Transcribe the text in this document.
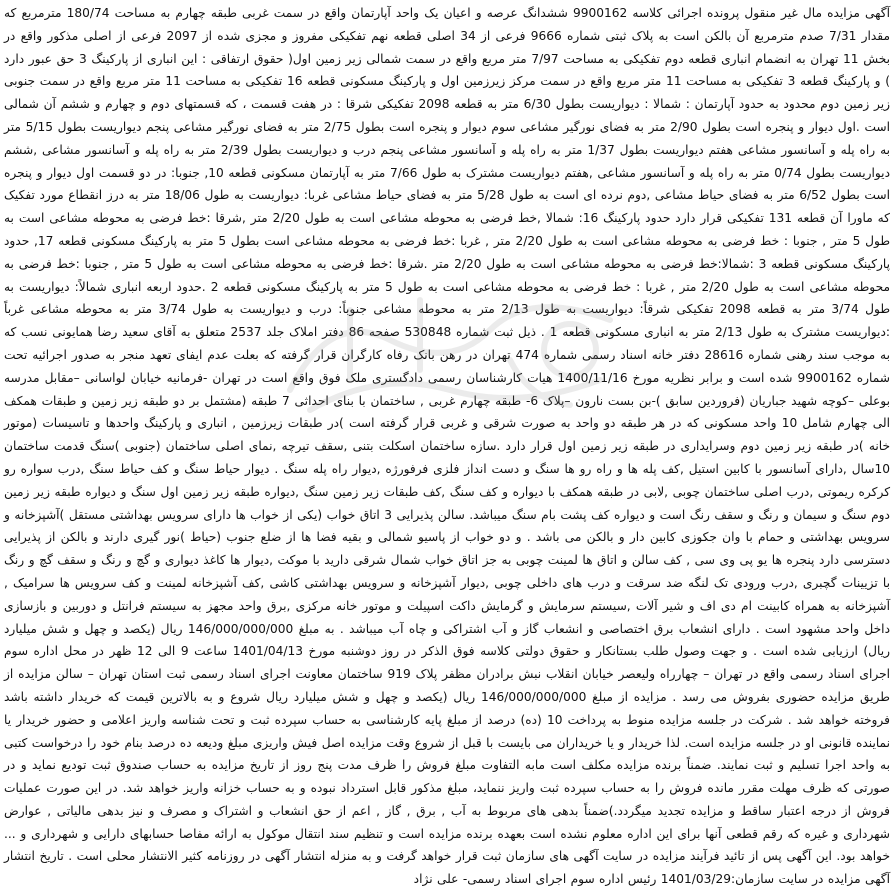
آگهی مزایده مال غیر منقول پرونده اجرائی کلاسه 9900162 ششدانگ عرصه و اعیان یک واحد آپارتمان واقع در سمت غربی طبقه چهارم به مساحت 180/74 مترمربع که مقدار 7/31 صدم مترمربع آن بالکن است به پلاک ثبتی شماره 9666 فرعی از 34 اصلی قطعه نهم تفکیکی مفروز و مجزی شده از 2097 فرعی از اصلی مذکور واقع در بخش 11 تهران به انضمام انباری قطعه دوم تفکیکی به مساحت 7/97 متر مربع واقع در سمت شمالی زیر زمین اول( حقوق ارتفاقی : این انباری از پارکینگ 3 حق عبور دارد ) و پارکینگ قطعه 3 تفکیکی به مساحت 11 متر مربع واقع در سمت مرکز زیرزمین اول و پارکینگ مسکونی قطعه 16 تفکیکی به مساحت 11 متر مربع واقع در سمت جنوبی زیر زمین دوم محدود به حدود آپارتمان : شمالا : دیواریست بطول 6/30 متر به قطعه 2098 تفکیکی شرقا : در هفت قسمت ، که قسمتهای دوم و چهارم و ششم آن شمالی است .اول دیوار و پنجره است بطول 2/90 متر به فضای نورگیر مشاعی سوم دیوار و پنجره است بطول 2/75 متر به فضای نورگیر مشاعی پنجم دیواریست بطول 5/15 متر به راه پله و آسانسور مشاعی هفتم دیواریست بطول 1/37 متر به راه پله و آسانسور مشاعی پنجم درب و دیواریست بطول 2/39 متر به راه پله و آسانسور مشاعی ,ششم دیواریست بطول 0/74 متر به راه پله و آسانسور مشاعی ,هفتم دیواریست مشترک به طول 7/66 متر به آپارتمان مسکونی قطعه 10, جنوبا: در دو قسمت اول دیوار و پنجره است بطول 6/52 متر به فضای حیاط مشاعی ,دوم نرده ای است به طول 5/28 متر به فضای حیاط مشاعی غربا: دیواریست به طول 18/06 متر به درز انقطاع مورد تفکیک که ماورا آن قطعه 131 تفکیکی قرار دارد حدود پارکینگ 16: شمالا ,خط فرضی به محوطه مشاعی است به طول 2/20 متر ,شرقا :خط فرضی به محوطه مشاعی است به طول 5 متر , جنوبا : خط فرضی به محوطه مشاعی است به طول 2/20 متر , غربا :خط فرضی به محوطه مشاعی است بطول 5 متر به پارکینگ مسکونی قطعه 17, حدود پارکینگ مسکونی قطعه 3 :شمالا:خط فرضی به محوطه مشاعی است به طول 2/20 متر .شرقا :خط فرضی به محوطه مشاعی است به طول 5 متر , جنوبا :خط فرضی به محوطه مشاعی است به طول 2/20 متر , غربا : خط فرضی به محوطه مشاعی است به طول 5 متر به پارکینگ مسکونی قطعه 2 .حدود اربعه انباری شمالاً: دیواریست به طول 3/74 متر به قطعه 2098 تفکیکی شرقاً: دیواریست به طول 2/13 متر به محوطه مشاعی جنوباً: درب و دیواریست به طول 3/74 متر به محوطه مشاعی غرباً :دیواریست مشترک به طول 2/13 متر به انباری مسکونی قطعه 1 . ذیل ثبت شماره 530848 صفحه 86 دفتر املاک جلد 2537 متعلق به آقای سعید رضا همایونی نسب که به موجب سند رهنی شماره 28616 دفتر خانه اسناد رسمی شماره 474 تهران در رهن بانک رفاه کارگران قرار گرفته که بعلت عدم ایفای تعهد منجر به صدور اجرائیه تحت شماره 9900162 شده است و برابر نظریه مورخ 1400/11/16 هیات کارشناسان رسمی دادگستری ملک فوق واقع است در تهران -فرمانیه خیابان لواسانی –مقابل مدرسه بوعلی –کوچه شهید جباریان (فروردین سابق )-بن بست نارون –پلاک 6- طبقه چهارم غربی , ساختمان با بنای احداثی 7 طبقه (مشتمل بر دو طبقه زیر زمین و طبقات همکف الی چهارم شامل 10 واحد مسکونی که در هر طبقه دو واحد به صورت شرقی و غربی قرار گرفته است )در طبقات زیرزمین , انباری و پارکینگ واحدها و تاسیسات (موتور خانه )در طبقه زیر زمین دوم وسرایداری در طبقه زیر زمین اول قرار دارد .سازه ساختمان اسکلت بتنی ,سقف تیرچه ,نمای اصلی ساختمان (جنوبی )سنگ قدمت ساختمان 10سال ,دارای آسانسور با کابین استیل ,کف پله ها و راه رو ها سنگ و دست انداز فلزی فرفورژه ,دیوار راه پله سنگ . دیوار حیاط سنگ و کف حیاط سنگ ,درب سواره رو کرکره ریموتی ,درب اصلی ساختمان چوبی ,لابی در طبقه همکف با دیواره و کف سنگ ,کف طبقات زیر زمین سنگ ,دیواره طبقه زیر زمین اول سنگ و دیواره طبقه زیر زمین دوم سنگ و سیمان و رنگ و سقف رنگ است و دیواره کف پشت بام سنگ میباشد. سالن پذیرایی 3 اتاق خواب (یکی از خواب ها دارای سرویس بهداشتی مستقل )آشپزخانه و سرویس بهداشتی و حمام با وان جکوزی کابین دار و بالکن می باشد . و دو خواب از پاسیو شمالی و بقیه فضا ها از ضلع جنوب (حیاط )نور گیری دارند و بالکن از پذیرایی دسترسی دارد پنجره ها یو پی وی سی , کف سالن و اتاق ها لمینت چوبی به جز اتاق خواب شمال شرقی دارید با موکت ,دیوار ها کاغذ دیواری و گچ و رنگ و سقف گچ و رنگ با تزیینات گچبری ,درب ورودی تک لنگه ضد سرقت و درب های داخلی چوبی ,دیوار آشپزخانه و سرویس بهداشتی کاشی ,کف آشپزخانه لمینت و کف سرویس ها سرامیک , آشپزخانه به همراه کابینت ام دی اف و شیر آلات ,سیستم سرمایش و گرمایش داکت اسپیلت و موتور خانه مرکزی ,برق واحد مجهز به سیستم فرانتل و دوربین و بازسازی داخل واحد مشهود است . دارای انشعاب برق اختصاصی و انشعاب گاز و آب اشتراکی و چاه آب میباشد . به مبلغ 146/000/000/000 ریال (یکصد و چهل و شش میلیارد ریال) ارزیابی شده است . و جهت وصول طلب بستانکار و حقوق دولتی کلاسه فوق الذکر در روز دوشنبه مورخ 1401/04/13 ساعت 9 الی 12 ظهر در محل اداره سوم اجرای اسناد رسمی واقع در تهران – چهارراه ولیعصر خیابان انقلاب نبش برادران مظفر پلاک 919 ساختمان معاونت اجرای اسناد رسمی ثبت استان تهران – سالن مزایده از طریق مزایده حضوری بفروش می رسد . مزایده از مبلغ 146/000/000/000 ریال (یکصد و چهل و شش میلیارد ریال شروع و به بالاترین قیمت که خریدار داشته باشد فروخته خواهد شد . شرکت در جلسه مزایده منوط به پرداخت 10 (ده) درصد از مبلغ پایه کارشناسی به حساب سپرده ثبت و تحت شناسه واریز اعلامی و حضور خریدار یا نماینده قانونی او در جلسه مزایده است. لذا خریدار و یا خریداران می بایست با قبل از شروع وقت مزایده اصل فیش واریزی مبلغ ودیعه ده درصد بنام خود را درخواست کتبی به واحد اجرا تسلیم و ثبت نمایند. ضمناً برنده مزایده مکلف است مابه التفاوت مبلغ فروش را ظرف مدت پنج روز از تاریخ مزایده به حساب صندوق ثبت تودیع نماید و در صورتی که ظرف مهلت مقرر مانده فروش را به حساب سپرده ثبت واریز ننماید، مبلغ مذکور قابل استرداد نبوده و به حساب خزانه واریز خواهد شد. در این صورت عملیات فروش از درجه اعتبار ساقط و مزایده تجدید میگردد.)ضمناً بدهی های مربوط به آب , برق , گاز , اعم از حق انشعاب و اشتراک و مصرف و نیز بدهی مالیاتی , عوارض شهرداری و غیره که رقم قطعی آنها برای این اداره معلوم نشده است بعهده برنده مزایده است و تنظیم سند انتقال موکول به ارائه مفاصا حسابهای دارایی و شهرداری و ... خواهد بود. این آگهی پس از تائید فرآیند مزایده در سایت آگهی های سازمان ثبت قرار خواهد گرفت و به منزله انتشار آگهی در روزنامه کثیر الانتشار محلی است . تاریخ انتشار آگهی مزایده در سایت سازمان:1401/03/29 رئیس اداره سوم اجرای اسناد رسمی- علی نژاد
